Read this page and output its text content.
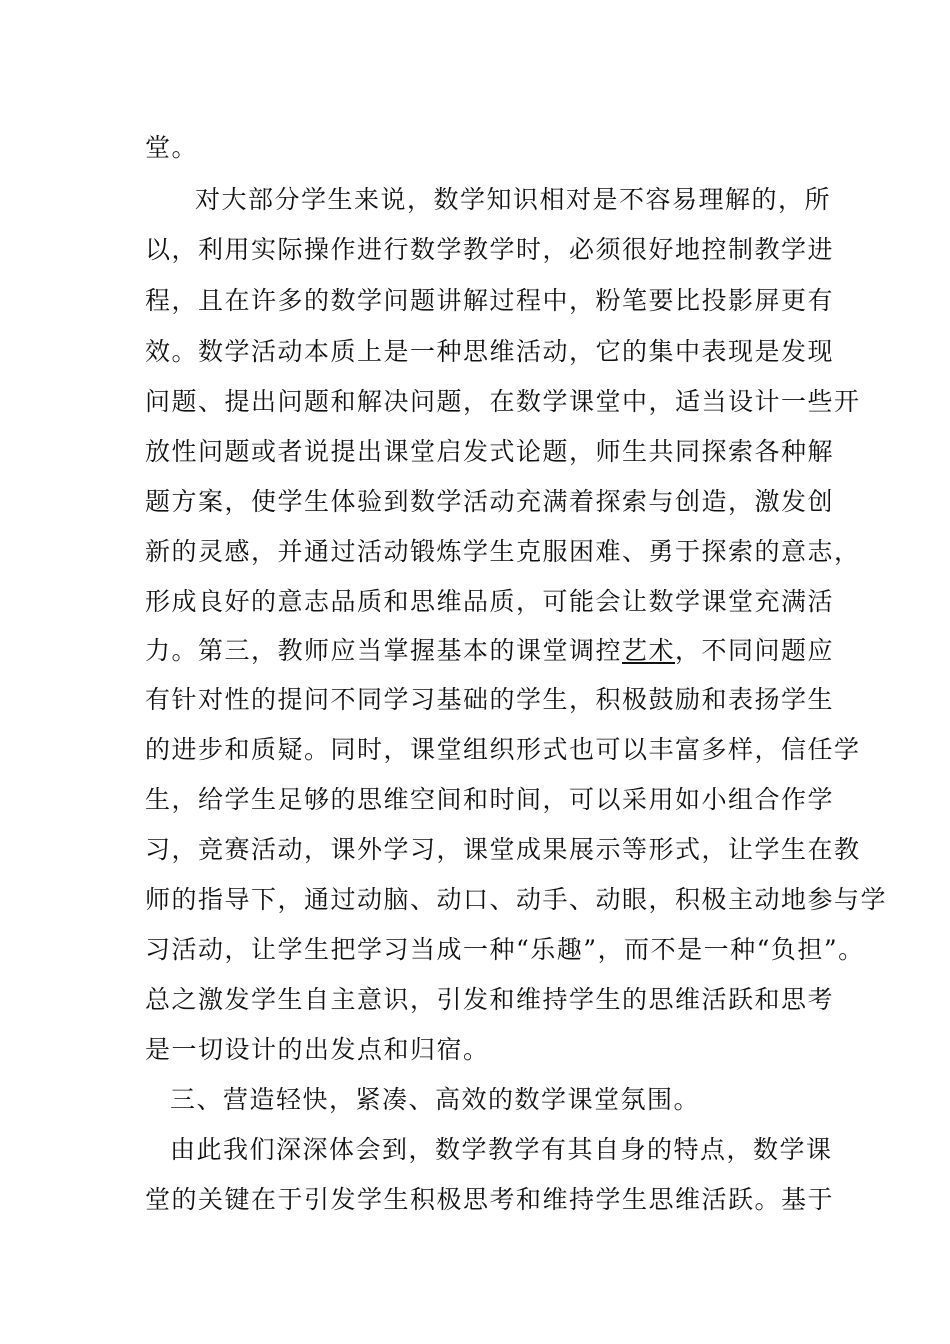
堂。
对大部分学生来说，数学知识相对是不容易理解的，所
以，利用实际操作进行数学教学时，必须很好地控制教学进
程，且在许多的数学问题讲解过程中，粉笔要比投影屏更有
效。数学活动本质上是一种思维活动，它的集中表现是发现
问题、提出问题和解决问题，在数学课堂中，适当设计一些开
放性问题或者说提出课堂启发式论题，师生共同探索各种解
题方案，使学生体验到数学活动充满着探索与创造，激发创
新的灵感，并通过活动锻炼学生克服困难、勇于探索的意志，
形成良好的意志品质和思维品质，可能会让数学课堂充满活
力。第三，教师应当掌握基本的课堂调控艺术，不同问题应
有针对性的提问不同学习基础的学生，积极鼓励和表扬学生
的进步和质疑。同时，课堂组织形式也可以丰富多样，信任学
生，给学生足够的思维空间和时间，可以采用如小组合作学
习，竞赛活动，课外学习，课堂成果展示等形式，让学生在教
师的指导下，通过动脑、动口、动手、动眼，积极主动地参与学
习活动，让学生把学习当成一种“乐趣”，而不是一种“负担”。
总之激发学生自主意识，引发和维持学生的思维活跃和思考
是一切设计的出发点和归宿。
三、营造轻快，紧凑、高效的数学课堂氛围。
由此我们深深体会到，数学教学有其自身的特点，数学课
堂的关键在于引发学生积极思考和维持学生思维活跃。基于
